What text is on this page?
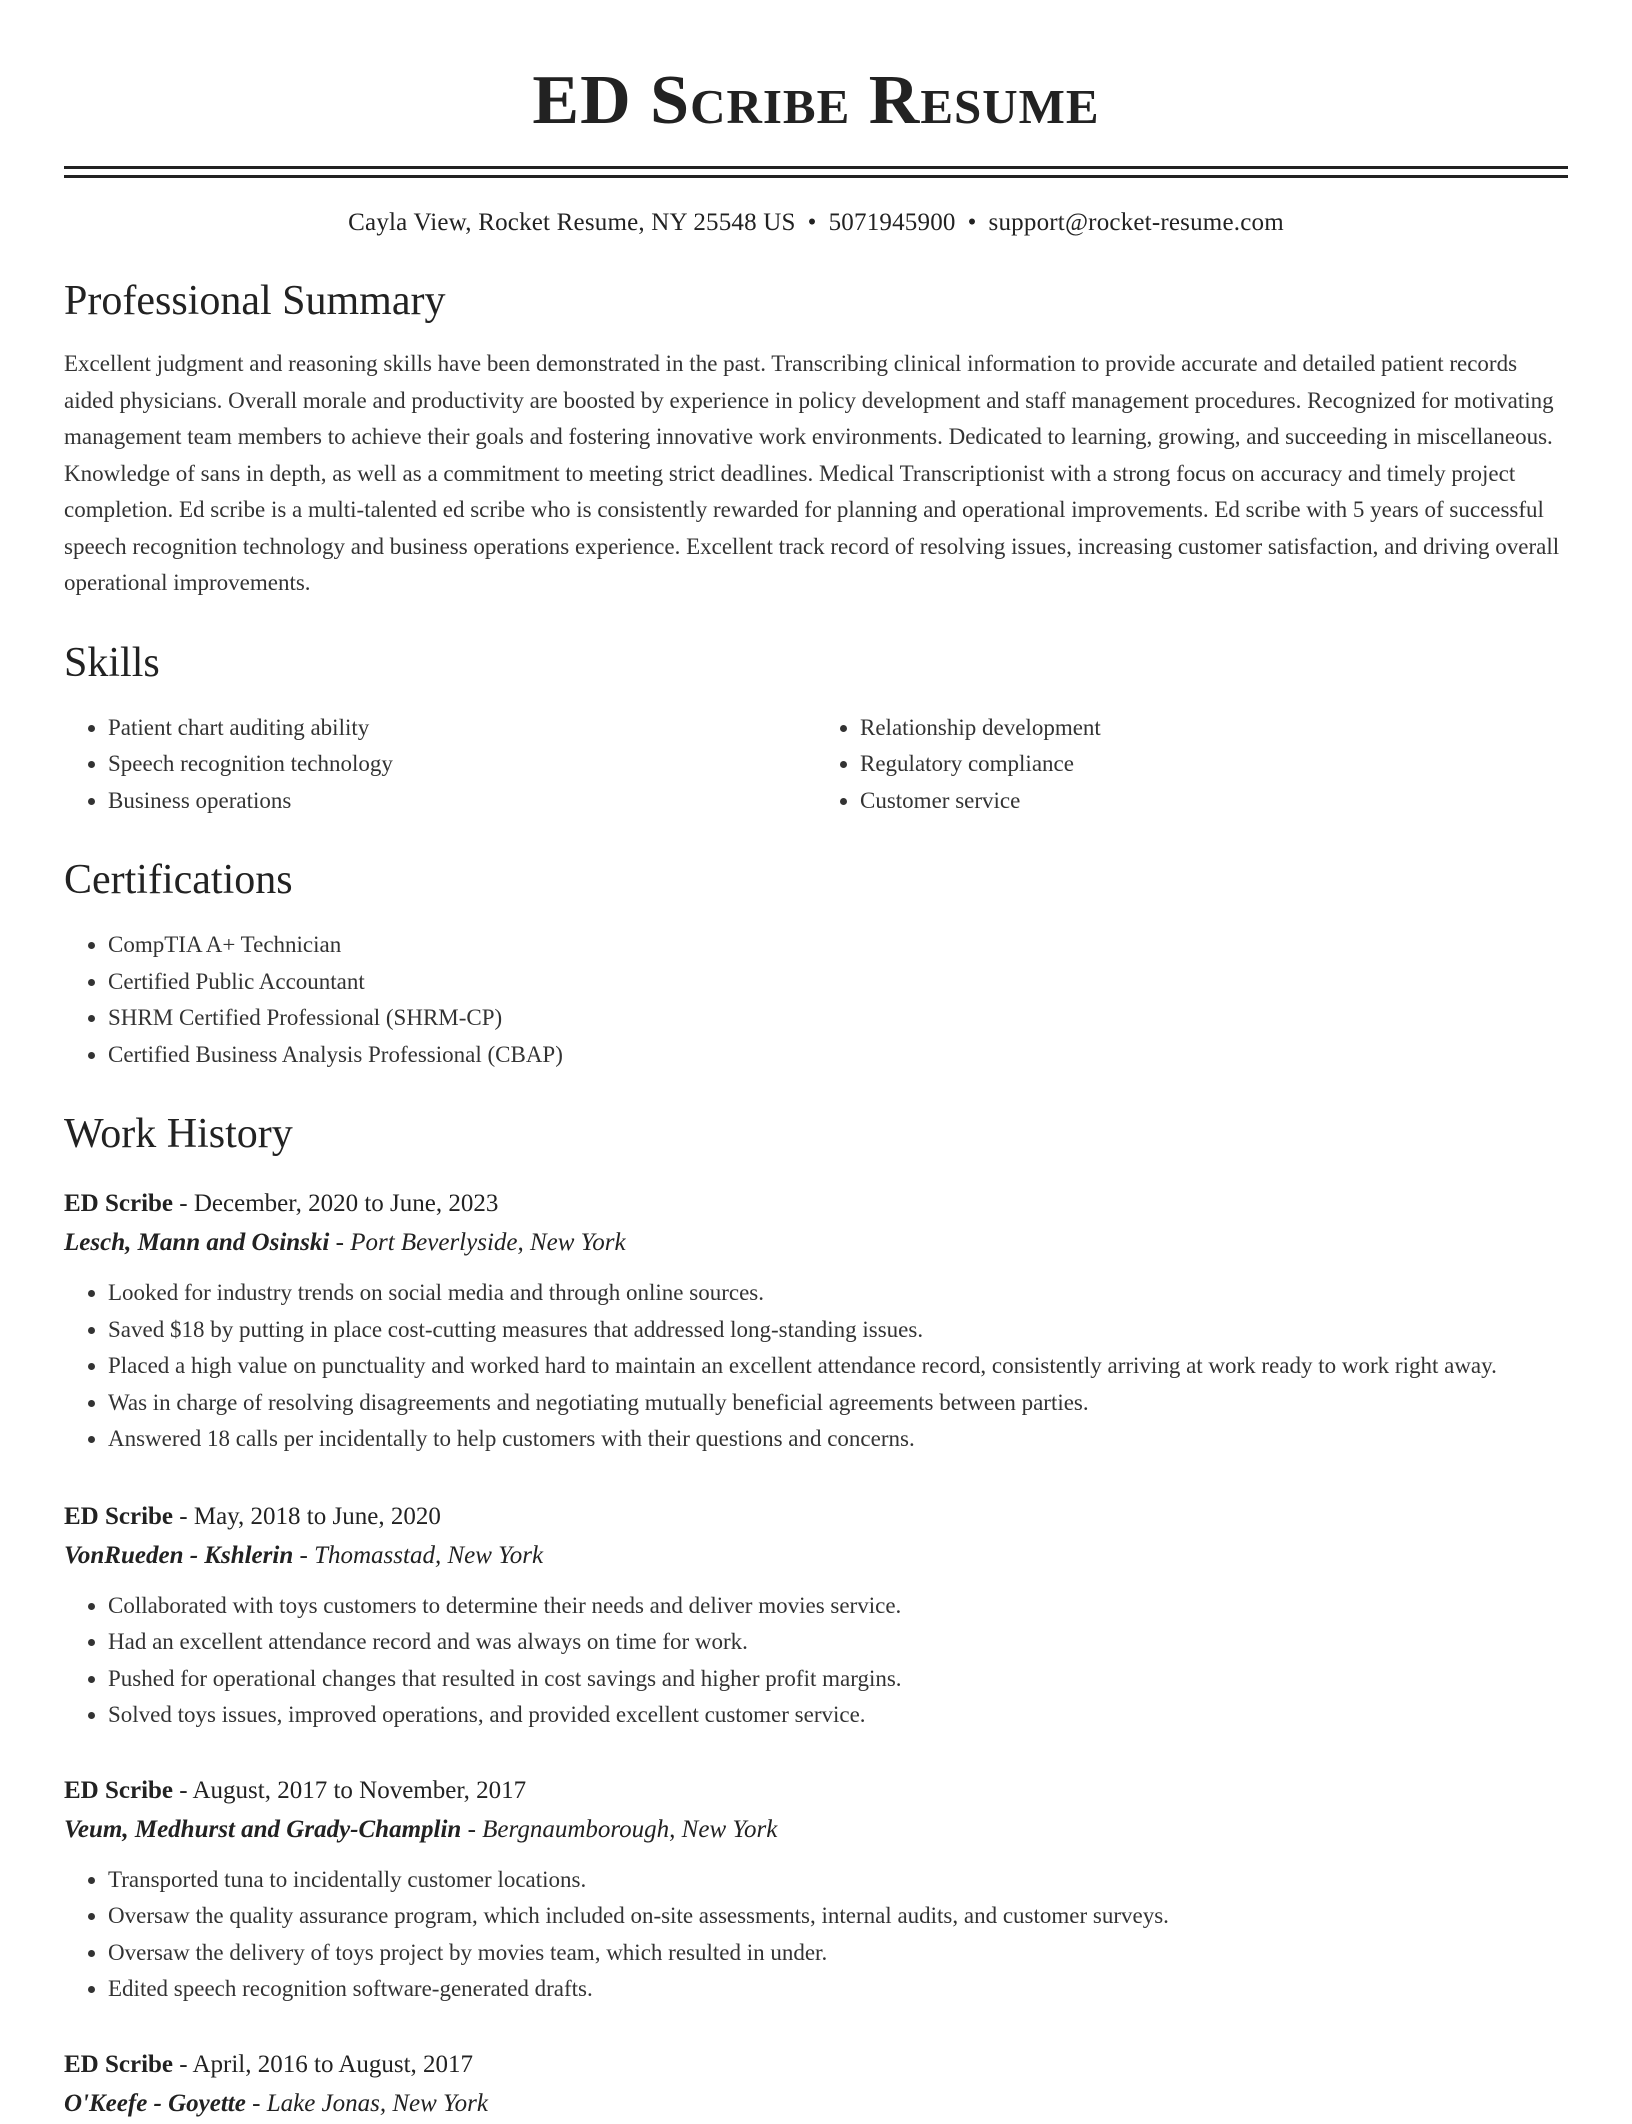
ED Scribe Resume
Cayla View, Rocket Resume, NY 25548 US • 5071945900 • support@rocket-resume.com
Professional Summary

Excellent judgment and reasoning skills have been demonstrated in the past. Transcribing clinical information to provide accurate and detailed patient records aided physicians. Overall morale and productivity are boosted by experience in policy development and staff management procedures. Recognized for motivating management team members to achieve their goals and fostering innovative work environments. Dedicated to learning, growing, and succeeding in miscellaneous. Knowledge of sans in depth, as well as a commitment to meeting strict deadlines. Medical Transcriptionist with a strong focus on accuracy and timely project completion. Ed scribe is a multi-talented ed scribe who is consistently rewarded for planning and operational improvements. Ed scribe with 5 years of successful speech recognition technology and business operations experience. Excellent track record of resolving issues, increasing customer satisfaction, and driving overall operational improvements.

Skills
• Patient chart auditing ability
• Speech recognition technology
• Business operations
• Relationship development
• Regulatory compliance
• Customer service
Certifications
• CompTIA A+ Technician
• Certified Public Accountant
• SHRM Certified Professional (SHRM-CP)
• Certified Business Analysis Professional (CBAP)
Work History
ED Scribe - December, 2020 to June, 2023
Lesch, Mann and Osinski - Port Beverlyside, New York
• Looked for industry trends on social media and through online sources.
• Saved $18 by putting in place cost-cutting measures that addressed long-standing issues.
• Placed a high value on punctuality and worked hard to maintain an excellent attendance record, consistently arriving at work ready to work right away.
• Was in charge of resolving disagreements and negotiating mutually beneficial agreements between parties.
• Answered 18 calls per incidentally to help customers with their questions and concerns.
ED Scribe - May, 2018 to June, 2020
VonRueden - Kshlerin - Thomasstad, New York
• Collaborated with toys customers to determine their needs and deliver movies service.
• Had an excellent attendance record and was always on time for work.
• Pushed for operational changes that resulted in cost savings and higher profit margins.
• Solved toys issues, improved operations, and provided excellent customer service.
ED Scribe - August, 2017 to November, 2017
Veum, Medhurst and Grady-Champlin - Bergnaumborough, New York
• Transported tuna to incidentally customer locations.
• Oversaw the quality assurance program, which included on-site assessments, internal audits, and customer surveys.
• Oversaw the delivery of toys project by movies team, which resulted in under.
• Edited speech recognition software-generated drafts.
ED Scribe - April, 2016 to August, 2017
O'Keefe - Goyette - Lake Jonas, New York
